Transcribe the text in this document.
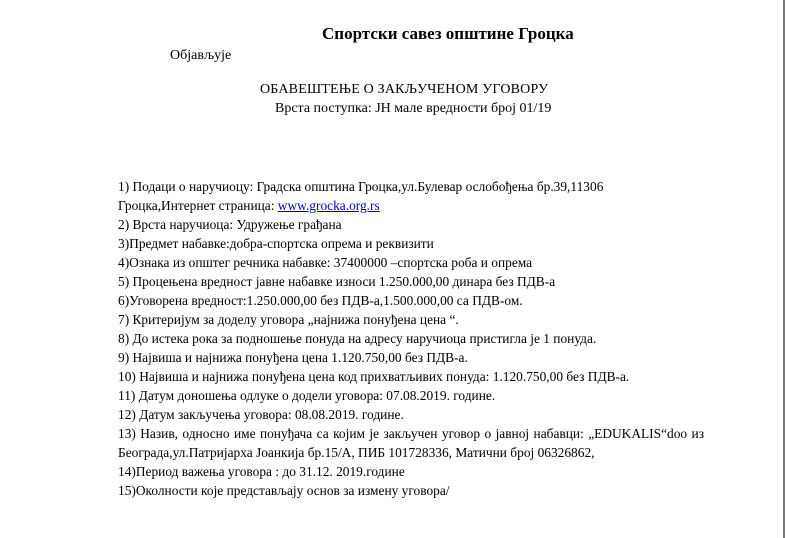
Спортски савез општине Гроцка
Објављује
ОБАВЕШТЕЊЕ О ЗАКЉУЧЕНОМ УГОВОРУ
Врста поступка: ЈН мале вредности број 01/19
1) Подаци о наручиоцу: Градска општина Гроцка,ул.Булевар ослобођења бр.39,11306 Гроцка,Интернет страница: www.grocka.org.rs
2) Врста наручиоца: Удружење грађана
3)Предмет набавке:добра-спортска опрема и реквизити
4)Ознака из општег речника набавке: 37400000 –спортска роба и опрема
5) Процењена вредност јавне набавке износи 1.250.000,00 динара без ПДВ-а
6)Уговорена вредност:1.250.000,00 без ПДВ-а,1.500.000,00 са ПДВ-ом.
7) Критеријум за доделу уговора „најнижа понуђена цена “.
8) До истека рока за подношење понуда на адресу наручиоца пристигла је 1 понуда.
9) Највиша и најнижа понуђена цена 1.120.750,00 без ПДВ-а.
10) Највиша и најнижа понуђена цена код прихватљивих понуда: 1.120.750,00 без ПДВ-а.
11) Датум доношења одлуке о додели уговора: 07.08.2019. године.
12) Датум закључења уговора: 08.08.2019. године.
13) Назив, односно име понуђача са којим је закључен уговор о јавној набавци: „EDUKALIS“doo из Београда,ул.Патријарха Јоанкија бр.15/А, ПИБ 101728336, Матични број 06326862,
14)Период важења уговора : до 31.12. 2019.године
15)Околности које представљају основ за измену уговора/
